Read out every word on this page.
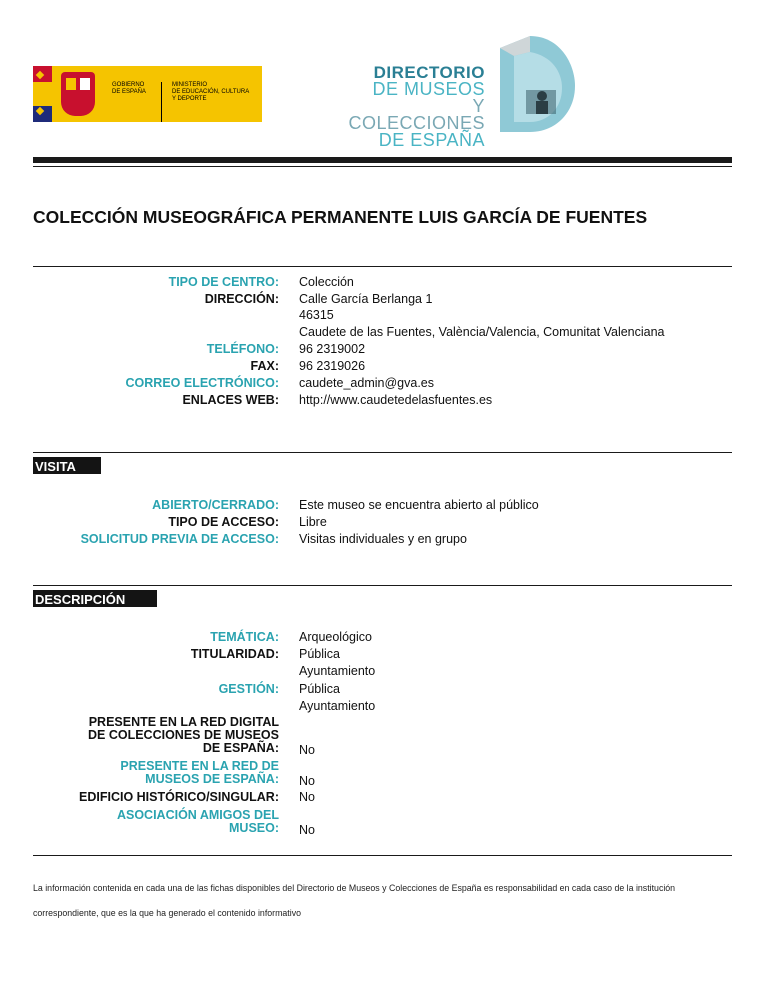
GOBIERNO
DE ESPAÑA
MINISTERIO
DE EDUCACIÓN, CULTURA
Y DEPORTE
DIRECTORIO
DE MUSEOS
Y COLECCIONES
DE ESPAÑA
COLECCIÓN MUSEOGRÁFICA PERMANENTE LUIS GARCÍA DE FUENTES
TIPO DE CENTRO: Colección
DIRECCIÓN: Calle García Berlanga 1
46315
Caudete de las Fuentes, València/Valencia, Comunitat Valenciana
TELÉFONO: 96 2319002
FAX: 96 2319026
CORREO ELECTRÓNICO: caudete_admin@gva.es
ENLACES WEB: http://www.caudetedelasfuentes.es
VISITA
ABIERTO/CERRADO: Este museo se encuentra abierto al público
TIPO DE ACCESO: Libre
SOLICITUD PREVIA DE ACCESO: Visitas individuales y en grupo
DESCRIPCIÓN
TEMÁTICA: Arqueológico
TITULARIDAD: Pública
Ayuntamiento
GESTIÓN: Pública
Ayuntamiento
PRESENTE EN LA RED DIGITAL
DE COLECCIONES DE MUSEOS
DE ESPAÑA: No
PRESENTE EN LA RED DE
MUSEOS DE ESPAÑA: No
EDIFICIO HISTÓRICO/SINGULAR: No
ASOCIACIÓN AMIGOS DEL
MUSEO: No
La información contenida en cada una de las fichas disponibles del Directorio de Museos y Colecciones de España es responsabilidad en cada caso de la institución
correspondiente, que es la que ha generado el contenido informativo
